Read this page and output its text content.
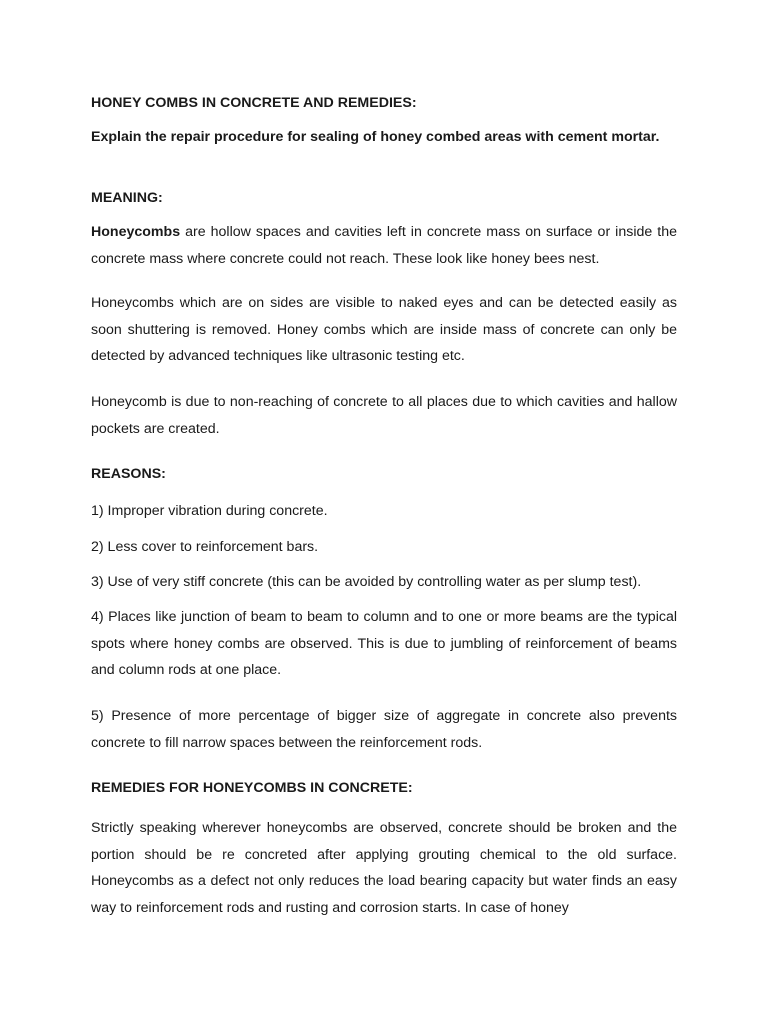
HONEY COMBS IN CONCRETE AND REMEDIES:

Explain the repair procedure for sealing of honey combed areas with cement mortar.

MEANING:

Honeycombs are hollow spaces and cavities left in concrete mass on surface or inside the concrete mass where concrete could not reach. These look like honey bees nest.

Honeycombs which are on sides are visible to naked eyes and can be detected easily as soon shuttering is removed. Honey combs which are inside mass of concrete can only be detected by advanced techniques like ultrasonic testing etc.

Honeycomb is due to non-reaching of concrete to all places due to which cavities and hallow pockets are created.

REASONS:

1) Improper vibration during concrete.

2) Less cover to reinforcement bars.

3) Use of very stiff concrete (this can be avoided by controlling water as per slump test).

4) Places like junction of beam to beam to column and to one or more beams are the typical spots where honey combs are observed. This is due to jumbling of reinforcement of beams and column rods at one place.

5) Presence of more percentage of bigger size of aggregate in concrete also prevents concrete to fill narrow spaces between the reinforcement rods.

REMEDIES FOR HONEYCOMBS IN CONCRETE:

Strictly speaking wherever honeycombs are observed, concrete should be broken and the portion should be re concreted after applying grouting chemical to the old surface. Honeycombs as a defect not only reduces the load bearing capacity but water finds an easy way to reinforcement rods and rusting and corrosion starts. In case of honey
